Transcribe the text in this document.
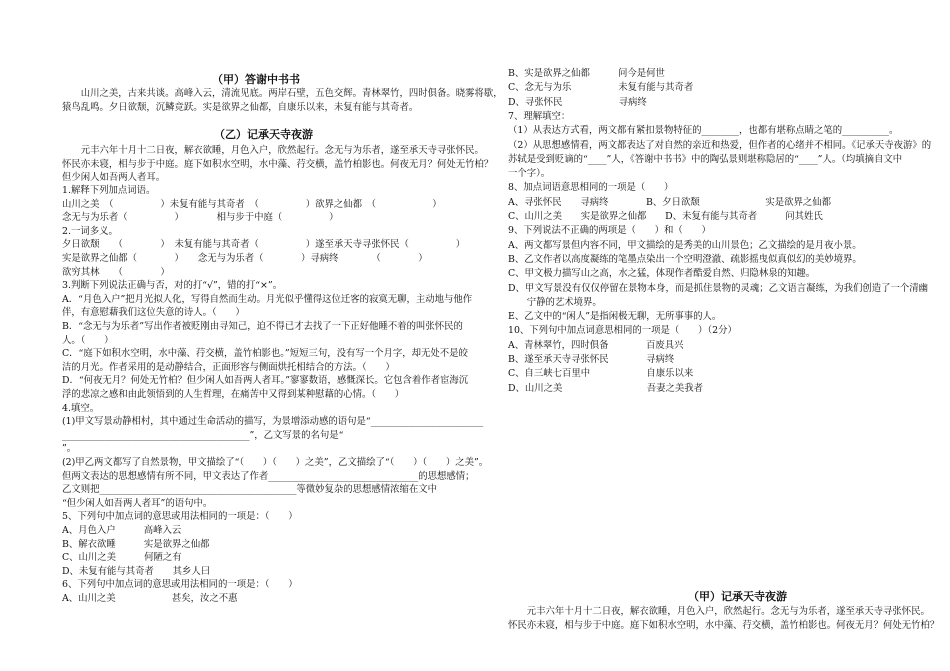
（甲）答谢中书书
　　山川之美，古来共谈。高峰入云，清流见底。两岸石壁，五色交辉。青林翠竹，四时俱备。晓雾将歇，
猿鸟乱鸣。夕日欲颓，沉鳞竞跃。实是欲界之仙都，自康乐以来，未复有能与其奇者。
（乙）记承天寺夜游
　　元丰六年十月十二日夜，解衣欲睡，月色入户，欣然起行。念无与为乐者，遂至承天寺寻张怀民。
怀民亦未寝，相与步于中庭。庭下如积水空明，水中藻、荇交横，盖竹柏影也。何夜无月？何处无竹柏？
但少闲人如吾两人者耳。
1.解释下列加点词语。
山川之美　（　　　　　）未复有能与其奇者　（　　　　　）欲界之仙都　（　　　　　　）
念无与为乐者（　　　　　）　　　　相与步于中庭（　　　　　）
2.一词多义。
夕日欲颓　　（　　　　）　未复有能与其奇者（　　　　　）遂至承天寺寻张怀民（　　　　　）
实是欲界之仙都（　　　　）　　念无与为乐者（　　　　）寻病终　　　　（　　　　）
欲穷其林　　（　　　　）
3.判断下列说法正确与否，对的打“√”，错的打“×”。
A．“月色入户”把月光拟人化，写得自然而生动。月光似乎懂得这位迁客的寂寞无聊，主动地与他作
伴，有意慰藉我们这位失意的诗人。（　　）
B．“念无与为乐者”写出作者被贬刚由寻知己，迫不得已才去找了一下正好他睡不着的叫张怀民的
人。（　　）
C．“庭下如积水空明，水中藻、荇交横，盖竹柏影也。”短短三句，没有写一个月字，却无处不是皎
洁的月光。作者采用的是动静结合，正面形容与侧面烘托相结合的方法。（　　）
D．“何夜无月？何处无竹柏？但少闲人如吾两人者耳。”寥寥数语，感慨深长。它包含着作者宦海沉
浮的悲凉之感和由此领悟到的人生哲理，在痛苦中又得到某种慰藉的心情。（　　）
4.填空。
(1)甲文写景动静相村，其中通过生命活动的描写，为景增添动感的语句是“________________________
________________________________________”，乙文写景的名句是“
”。
(2)甲乙两文都写了自然景物，甲文描绘了“（　　）（　　）之美”，乙文描绘了“（　　）（　　）之美”。
但两文表达的思想感情有所不同，甲文表达了作者________________________________的思想感情；
乙文则把__________________________________________等微妙复杂的思想感情浓缩在文中
“但少闲人如吾两人者耳”的语句中。
5、下列句中加点词的意思或用法相同的一项是：（　　）
A、月色入户　　　高峰入云
B、解衣欲睡　　　实是欲界之仙都
C、山川之美　　　何陋之有
D、未复有能与其奇者　　其乡人曰
6、下列句中加点词的意思或用法相同的一项是：（　　）
A、山川之美　　　　　　甚矣，汝之不惠
B、实是欲界之仙都　　　问今是何世
C、念无与为乐　　　　　未复有能与其奇者
D、寻张怀民　　　　　　寻病终
7、理解填空：
（1）从表达方式看，两文都有紧扣景物特征的________，也都有堪称点睛之笔的__________。
（2）从思想感情看，两文都表达了对自然的亲近和热爱，但作者的心绪并不相同。《记承天寺夜游》的
苏轼是受到贬谪的“____”人，《答谢中书书》中的陶弘景则堪称隐居的“____”人。（均填摘自文中
一个字）。
8、加点词语意思相同的一项是（　　）
A、寻张怀民　　寻病终　　　　B、夕日欲颓　　　　　　　实是欲界之仙都
C、山川之美　　实是欲界之仙都　　D、未复有能与其奇者　　　问其姓氏
9、下列说法不正确的两项是（　　）和（　　）
A、两文都写景但内容不同，甲文描绘的是秀美的山川景色；乙文描绘的是月夜小景。
B、乙文作者以高度凝练的笔墨点染出一个空明澄澈、疏影摇曳似真似幻的美妙境界。
C、甲文极力描写山之高，水之猛，体现作者酷爱自然、归隐林泉的知趣。
D、甲文写景没有仅仅停留在景物本身，而是抓住景物的灵魂；乙文语言凝练，为我们创造了一个清幽
　　宁静的艺术境界。
E、乙文中的“闲人”是指闲极无聊，无所事事的人。
10、下列句中加点词意思相同的一项是（　　）（2分）
A、青林翠竹，四时俱备　　　　百废具兴
B、遂至承天寺寻张怀民　　　　寻病终
C、自三峡七百里中　　　　　　自康乐以来
D、山川之美　　　　　　　　　吾妻之美我者
（甲）记承天寺夜游
　　元丰六年十月十二日夜，解衣欲睡，月色入户，欣然起行。念无与为乐者，遂至承天寺寻张怀民。
怀民亦未寝，相与步于中庭。庭下如积水空明，水中藻、荇交横，盖竹柏影也。何夜无月？何处无竹柏？
